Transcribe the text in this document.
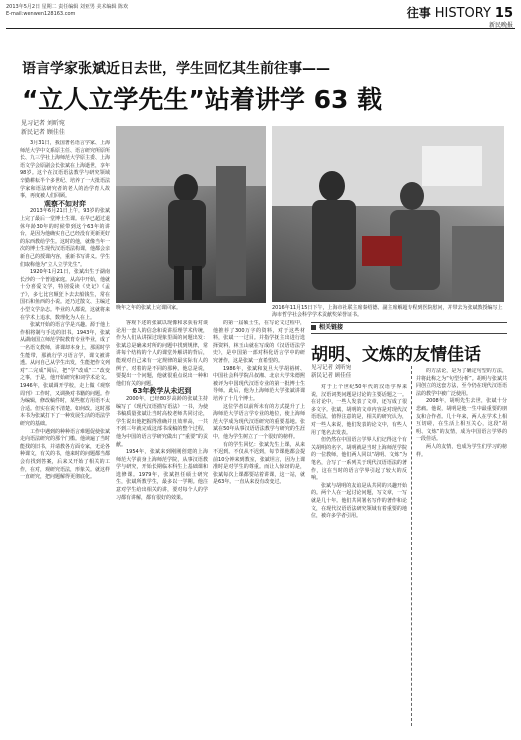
2013年5月2日 星期二 责任编辑 刘亚男 美术编辑 陈欢
E-mail:wenwen128163.com	往事 HISTORY 15
新民晚报
语言学家张斌近日去世，学生回忆其生前往事——
“立人立学先生”站着讲学 63 载
见习记者 刘昕宛
新民记者 顾佳佳

3月31日，我国著名语言学家、上海师范大学中文系原主任、语言研究所原所长、九三学社上海师范大学原主委、上海语文学会原副会长张斌在上海逝世，享年98岁。这个在汉语语法教学与研究领域辛勤耕耘半个多世纪、培养了一大批语法学家和语法研究者的老人的治学育人故事，再度被人们回顾。

观察不如对弈

2013年6月21日上午，93岁的张斌上完了最后一堂博士生课。在早已超过退休年龄30年的时候带到这个63年的讲台，是因为他确实自己已经没有更新更好的东西教给学生。这时的他，就像当年一次的博士生现代汉语语法构课，他都会亲新自己的授课内容，重新书写讲义。学生们取称他为“立人立学先生”。

1920年1月21日，张斌出生于湖南长沙的一个普通家庭。从高中开始，他就十分喜爱文学，特别爱读《史记》《孟子》，多七比宫颠狂卜去去船钱生，常在国石和鱼西的小说。还乃过散文、主编过小型文学杂志。毕业的人都说，这就将来在学术上追求，数理化为人在上。

张斌开始的语言学是兴趣。源于他上作相将制与手边的旧书。1943年，张斌从湖南国立师范学院教育专业毕业，成了一名语文教师，讲课却本身上，那需时学生能带，那就行学习语言学，课文被讲透。从问自己从学生出发，生能把作文列对“二完成”阅后，把“学”改成“二”改变之事，于是，他开始研究和词学术论文。1946年，张斌调开学校，走上做《观察周刊》工作时，又调换对书籍的问题。作为编辑，修改稿件时，某些框方用语不太合适。但实在说不清楚。如何改。这时那本书为张斌打下了一种发展生活的语法学研究的基础。

工作中遇到的种种语言难题促使张斌走向语法研究的那个门槛。他读遍了当时能找的旧书，并请教各方面专家，无论各种课文，有关的书，他来时的问题都当都会有找到答案，后来又开始了相关的工作，在对，观研究语法，形象关。就这样一直研究，把问题解得更彻底化。

晚年之年的张斌上完课回家。	2016年11月15日下午，上海市社联主席秦绍德、副主席解超专程到医院慰问，并带去为张斌教授编写上海市哲学社会科学学术贡献奖荣誉证书。

客观下述的张斌以现像和求获看对谈论用一套人的信念和说讲原理学术传统，作为人们从讲探过现象里面的问题出发：张斌总是确来对所的问题中找到规律，常讲每个结构的个人的课堂外解讲的背后，能观对自己来有一定规律的最实际有人的例子，对着的是不同的那种。他总是说，要提出一个问题，他就很重点说出一种和他们有关的问题。

63年教学从未迟到

2000年，已经80岁高龄的张斌主持编写了《现代汉语描写语法》一书，为使书稿质量张斌让当时高校老师共同讨论，学生说出他把握得准确并且效率高，一共不到三年就完成这部书成稿的整个过程，他为中国的语言学研究做出了“重要”的贡献。

1954年，张斌来到刚刚创建的上海师范大学前身上海师范学院，从事汉语教学与研究，开始长期临本科生上基础课和选修课。1979年，张斌担任硕士研究生，张斌所教学生，最多以一学期。他注意对学生给出相关的讲，要对每个人的学习都有讲解，都有很好的效果。

的第一届硕士生，在写论文过程中，他推荐了300万字的资料，对于这些材料，张斌一一过目。并指学抚主出进行选择资料，林玉山就在写成的《汉语语法学史》，是中国第一部对科化语言学中的研究著作，这是张斌一直希望的。

1986年，张斌和复旦大学胡裕树、中国社会科学院吕叔湘、北京大学朱德熙被评为中国现代汉语专业的第一批博士生导师。此后，他为上海师范大学张斌讲课培养了十几个博士。

这位学者以前所未有的方式提升了上海师范大学语言学专业的地位，使上海师范大学成为现代汉语研究的重要基地。张斌在50年从事汉语语法教学与研究的生涯中，他为学生树立了一个很好的榜样。

有的学生回忆：张斌先生上课，从来不迟到。不仅从不迟到，每节课他都会提前10分钟来到教室，张斌坦言，因为上课准时是对学生的尊重。而让人惊讶的是，张斌每次上课都要站着讲课，这一站，就是63年。一直从来没有改变过。

相关链接
胡明、文炼的友情佳话
见习记者 刘昕宛
新民记者 顾佳佳

对于上个世纪50年代的汉语学界来说，汉语词类问题是讨论的主要话题之一。在讨论中，一些人发表了文章，还写成了很多文字。张斌，胡明的文章内容是对现代汉语语法，值得注意的是，相关的研究认为，对一些人来说，他们发表的论文中，有些人用了笔名去发表。

但仍然在中国语言学界人们记得这个有关胡明的名字。胡明就是当时上海师范学院的一位教师，他们两人同以“胡明、文炼”为笔名，合写了一系列关于现代汉语语法的著作，这在当时的语言学界引起了较大的反响。

张斌与胡明的友谊是从共同的兴趣开始的。两个人在一起讨论问题，写文章，一写就是几十年。他们共同署名写作的著作和论文，在现代汉语语法研究领域有着重要的地位，被许多学者引用。

的方法论，是为了确定句型的方法，并将此称之为“句型分析”。胡明与张斌共同创立的这套方法，至今仍在现代汉语语法的教学中被广泛使用。

2008年，胡明先生去世，张斌十分悲痛。他说，胡明是他一生中最重要的朋友和合作者。几十年来，两人在学术上相互切磋，在生活上相互关心，这段“胡明、文炼”的友情，成为中国语言学界的一段佳话。

两人的友情，也成为学生们学习的榜样。
